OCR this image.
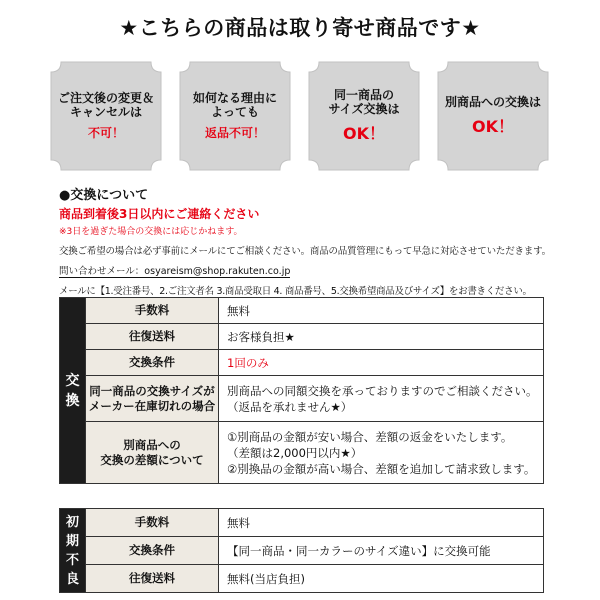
★こちらの商品は取り寄せ商品です★
ご注文後の変更＆
キャンセルは
不可！
如何なる理由に
よっても
返品不可！
同一商品の
サイズ交換は
OK！
別商品への交換は
OK！
●交換について
商品到着後3日以内にご連絡ください
※3日を過ぎた場合の交換には応じかねます。
交換ご希望の場合は必ず事前にメールにてご相談ください。商品の品質管理にもって早急に対応させていただきます。
問い合わせメール：osyareism@shop.rakuten.co.jp
メールに【1.受注番号、2.ご注文者名 3.商品受取日 4. 商品番号、5.交換希望商品及びサイズ】をお書きください。
交
換	手数料	無料
	往復送料	お客様負担★
	交換条件	1回のみ
	同一商品の交換サイズが
メーカー在庫切れの場合	別商品への同額交換を承っておりますのでご相談ください。
（返品を承れません★）
	別商品への
交換の差額について	①別商品の金額が安い場合、差額の返金をいたします。
（差額は2,000円以内★）
②別換品の金額が高い場合、差額を追加して請求致します。
初
期
不
良	手数料	無料
	交換条件	【同一商品・同一カラーのサイズ違い】に交換可能
	往復送料	無料(当店負担)
